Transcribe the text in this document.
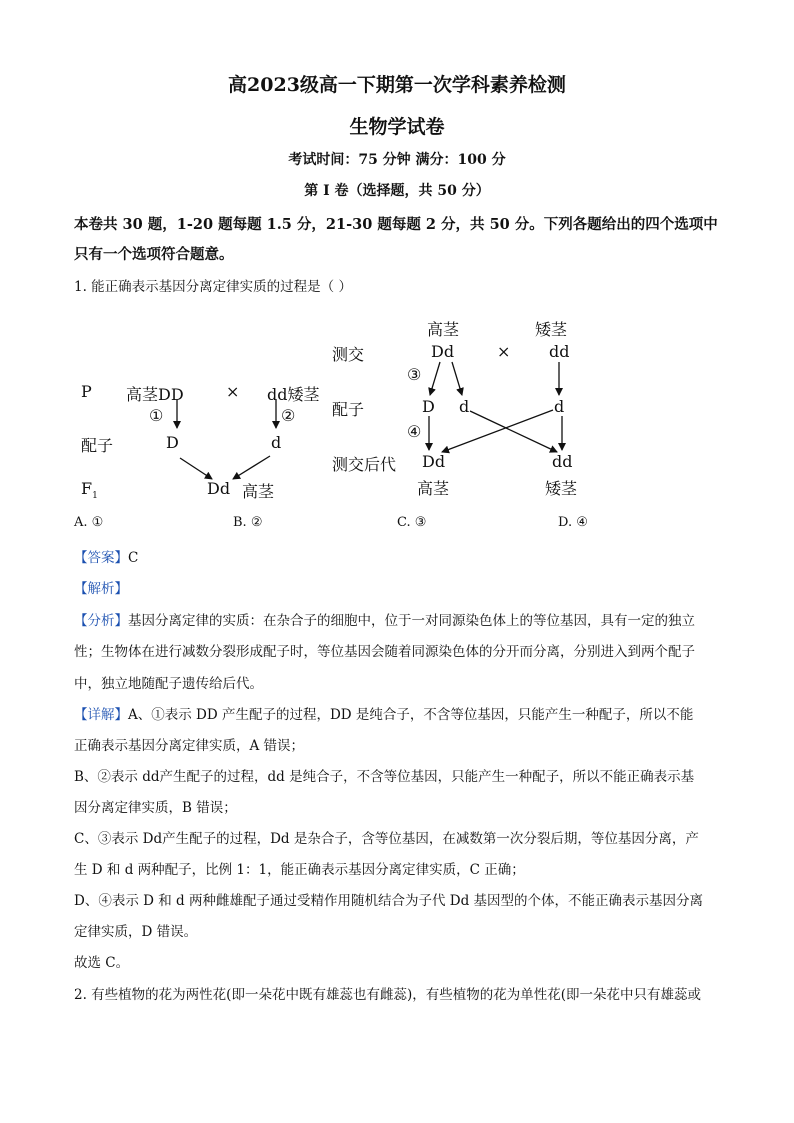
高2023级高一下期第一次学科素养检测
生物学试卷
考试时间：75 分钟 满分：100 分
第 I 卷（选择题，共 50 分）
本卷共 30 题，1-20 题每题 1.5 分，21-30 题每题 2 分，共 50 分。下列各题给出的四个选项中
只有一个选项符合题意。
1. 能正确表示基因分离定律实质的过程是（ ）
P 高茎DD	× dd矮茎
①	②
配子	D	d
$F_1$	Dd 高茎
高茎	矮茎
测交	Dd	× dd
③
配子	D d	d
④
测交后代 Dd	dd
高茎	矮茎
A. ①	B. ②	C. ③	D. ④
【答案】C
【解析】
【分析】基因分离定律的实质：在杂合子的细胞中，位于一对同源染色体上的等位基因，具有一定的独立
性；生物体在进行减数分裂形成配子时，等位基因会随着同源染色体的分开而分离，分别进入到两个配子
中，独立地随配子遗传给后代。
【详解】A、①表示 DD 产生配子的过程，DD 是纯合子，不含等位基因，只能产生一种配子，所以不能
正确表示基因分离定律实质，A 错误；
B、②表示 dd产生配子的过程，dd 是纯合子，不含等位基因，只能产生一种配子，所以不能正确表示基
因分离定律实质，B 错误；
C、③表示 Dd产生配子的过程，Dd 是杂合子，含等位基因，在减数第一次分裂后期，等位基因分离，产
生 D 和 d 两种配子，比例 1：1，能正确表示基因分离定律实质，C 正确；
D、④表示 D 和 d 两种雌雄配子通过受精作用随机结合为子代 Dd 基因型的个体，不能正确表示基因分离
定律实质，D 错误。
故选 C。
2. 有些植物的花为两性花(即一朵花中既有雄蕊也有雌蕊)，有些植物的花为单性花(即一朵花中只有雄蕊或
